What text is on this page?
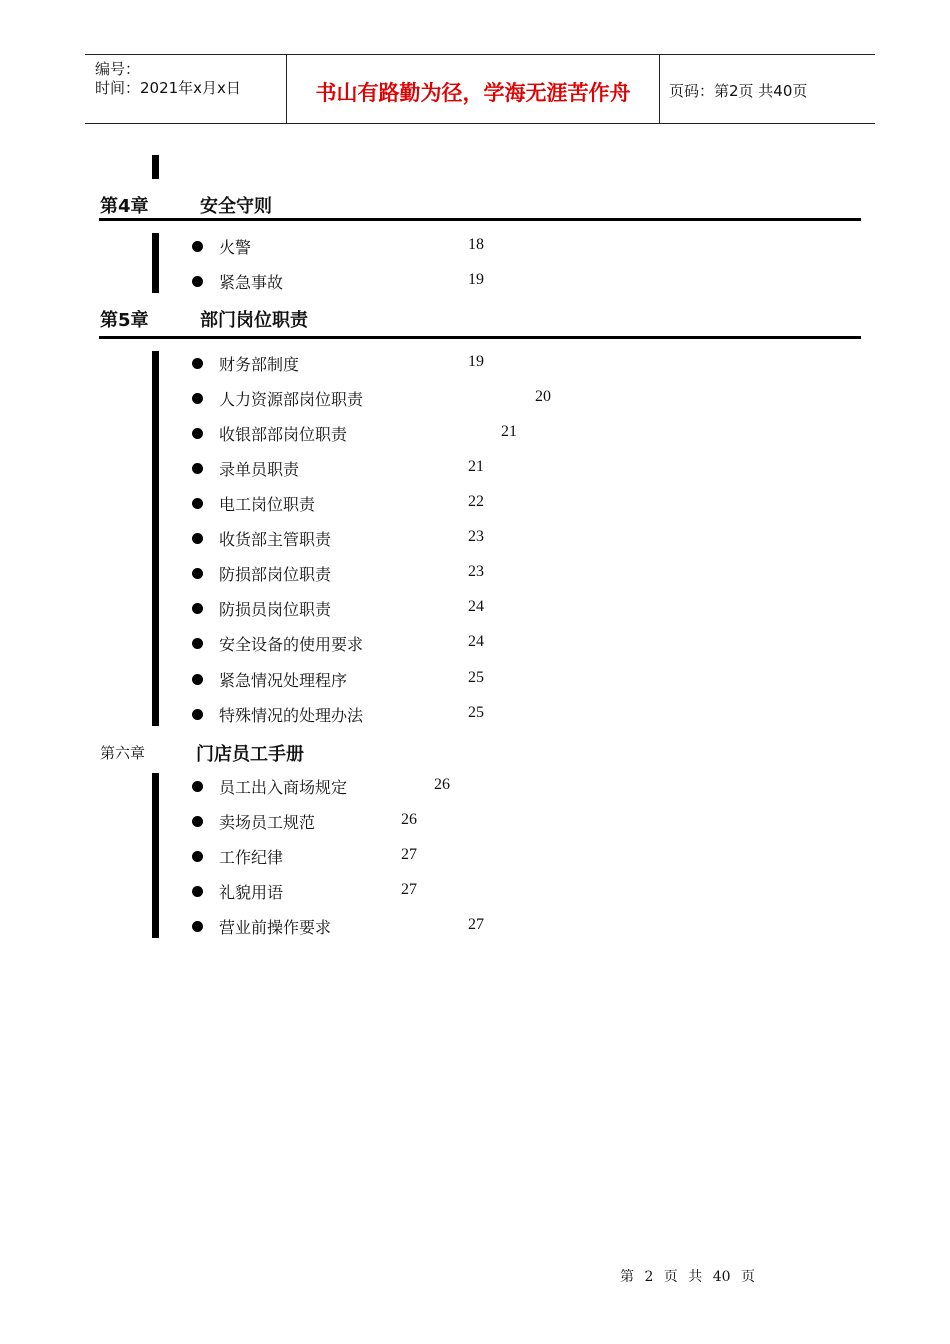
编号：
时间：2021年x月x日	书山有路勤为径，学海无涯苦作舟	页码：第2页 共40页
第4章	安全守则
火警	18
紧急事故	19
第5章	部门岗位职责
财务部制度	19
人力资源部岗位职责	20
收银部部岗位职责	21
录单员职责	21
电工岗位职责	22
收货部主管职责	23
防损部岗位职责	23
防损员岗位职责	24
安全设备的使用要求	24
紧急情况处理程序	25
特殊情况的处理办法	25
第六章	门店员工手册
员工出入商场规定	26
卖场员工规范	26
工作纪律	27
礼貌用语	27
营业前操作要求	27
第 2 页 共 40 页
